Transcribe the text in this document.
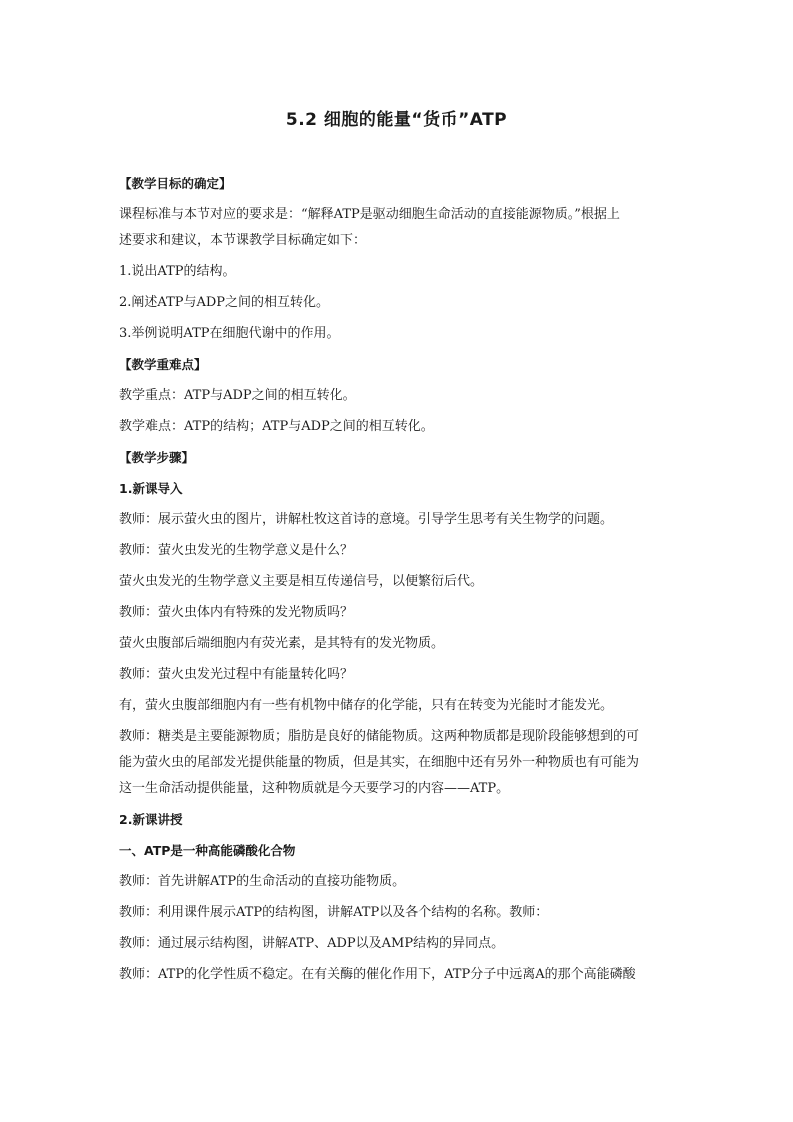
5.2 细胞的能量“货币”ATP
【教学目标的确定】
课程标准与本节对应的要求是：“解释ATP是驱动细胞生命活动的直接能源物质。”根据上
述要求和建议，本节课教学目标确定如下：
1.说出ATP的结构。
2.阐述ATP与ADP之间的相互转化。
3.举例说明ATP在细胞代谢中的作用。
【教学重难点】
教学重点：ATP与ADP之间的相互转化。
教学难点：ATP的结构；ATP与ADP之间的相互转化。
【教学步骤】
1.新课导入
教师：展示萤火虫的图片，讲解杜牧这首诗的意境。引导学生思考有关生物学的问题。
教师：萤火虫发光的生物学意义是什么？
萤火虫发光的生物学意义主要是相互传递信号，以便繁衍后代。
教师：萤火虫体内有特殊的发光物质吗？
萤火虫腹部后端细胞内有荧光素，是其特有的发光物质。
教师：萤火虫发光过程中有能量转化吗？
有，萤火虫腹部细胞内有一些有机物中储存的化学能，只有在转变为光能时才能发光。
教师：糖类是主要能源物质；脂肪是良好的储能物质。这两种物质都是现阶段能够想到的可
能为萤火虫的尾部发光提供能量的物质，但是其实，在细胞中还有另外一种物质也有可能为
这一生命活动提供能量，这种物质就是今天要学习的内容——ATP。
2.新课讲授
一、ATP是一种高能磷酸化合物
教师：首先讲解ATP的生命活动的直接功能物质。
教师：利用课件展示ATP的结构图，讲解ATP以及各个结构的名称。教师：
教师：通过展示结构图，讲解ATP、ADP以及AMP结构的异同点。
教师：ATP的化学性质不稳定。在有关酶的催化作用下，ATP分子中远离A的那个高能磷酸
